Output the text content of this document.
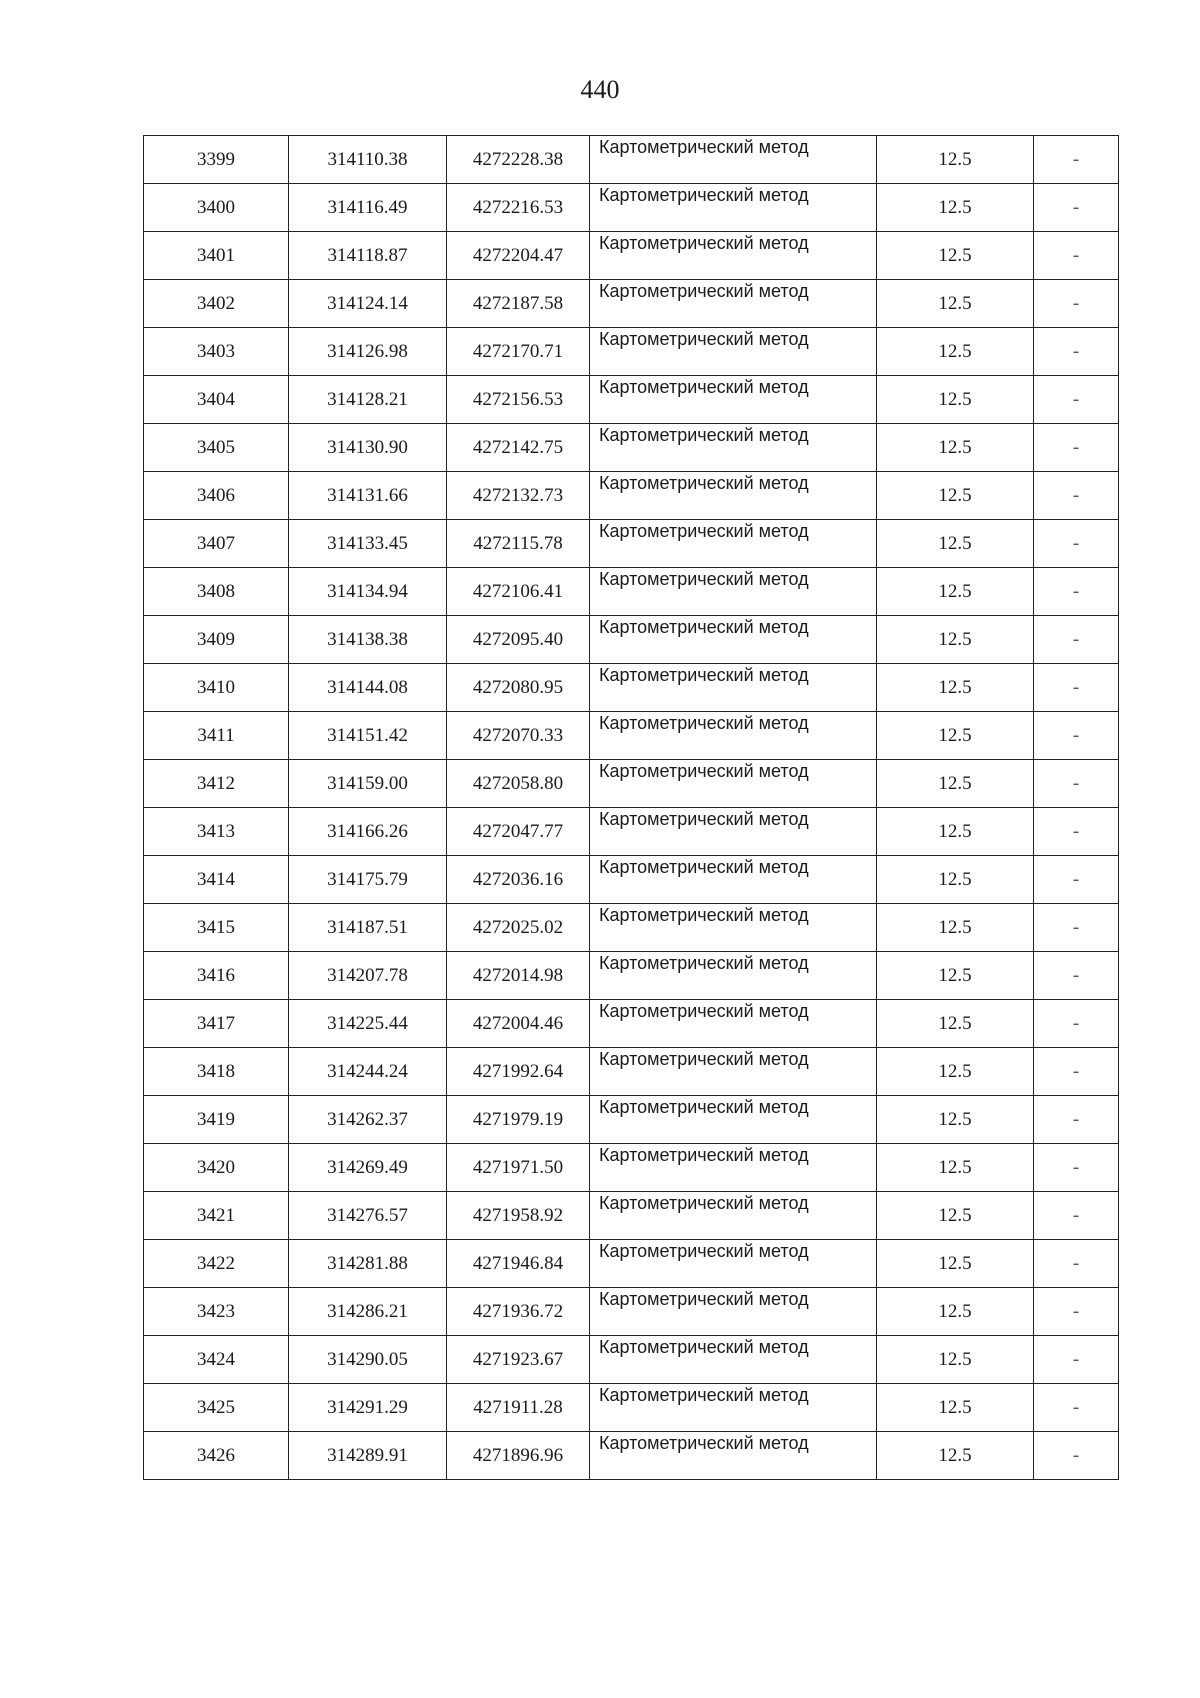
440
3399	314110.38	4272228.38	Картометрический метод	12.5	-
3400	314116.49	4272216.53	Картометрический метод	12.5	-
3401	314118.87	4272204.47	Картометрический метод	12.5	-
3402	314124.14	4272187.58	Картометрический метод	12.5	-
3403	314126.98	4272170.71	Картометрический метод	12.5	-
3404	314128.21	4272156.53	Картометрический метод	12.5	-
3405	314130.90	4272142.75	Картометрический метод	12.5	-
3406	314131.66	4272132.73	Картометрический метод	12.5	-
3407	314133.45	4272115.78	Картометрический метод	12.5	-
3408	314134.94	4272106.41	Картометрический метод	12.5	-
3409	314138.38	4272095.40	Картометрический метод	12.5	-
3410	314144.08	4272080.95	Картометрический метод	12.5	-
3411	314151.42	4272070.33	Картометрический метод	12.5	-
3412	314159.00	4272058.80	Картометрический метод	12.5	-
3413	314166.26	4272047.77	Картометрический метод	12.5	-
3414	314175.79	4272036.16	Картометрический метод	12.5	-
3415	314187.51	4272025.02	Картометрический метод	12.5	-
3416	314207.78	4272014.98	Картометрический метод	12.5	-
3417	314225.44	4272004.46	Картометрический метод	12.5	-
3418	314244.24	4271992.64	Картометрический метод	12.5	-
3419	314262.37	4271979.19	Картометрический метод	12.5	-
3420	314269.49	4271971.50	Картометрический метод	12.5	-
3421	314276.57	4271958.92	Картометрический метод	12.5	-
3422	314281.88	4271946.84	Картометрический метод	12.5	-
3423	314286.21	4271936.72	Картометрический метод	12.5	-
3424	314290.05	4271923.67	Картометрический метод	12.5	-
3425	314291.29	4271911.28	Картометрический метод	12.5	-
3426	314289.91	4271896.96	Картометрический метод	12.5	-
